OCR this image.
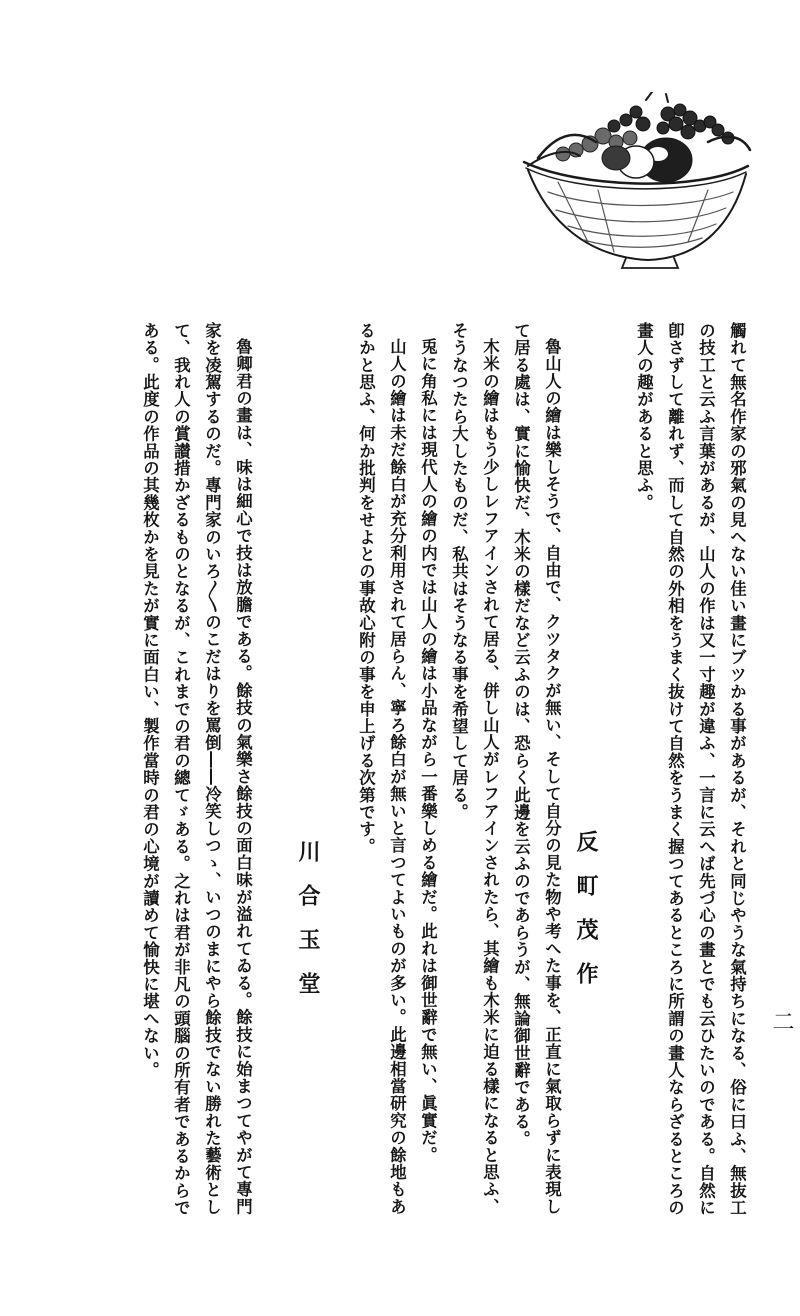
二
觸れて無名作家の邪氣の見へない佳い畫にブツかる事があるが、それと同じやうな氣持ちになる、俗に曰ふ、無抜工
の技工と云ふ言葉があるが、山人の作は又一寸趣が違ふ、一言に云へば先づ心の畫とでも云ひたいのである。自然に
卽さずして離れず、而して自然の外相をうまく抜けて自然をうまく握つてあるところに所謂の畫人ならざるところの
畫人の趣があると思ふ。
反町茂作
魯山人の繪は樂しそうで、自由で、クツタクが無い、そして自分の見た物や考へた事を、正直に氣取らずに表現し
て居る處は、實に愉快だ、木米の樣だなど云ふのは、恐らく此邊を云ふのであらうが、無論御世辭である。
木米の繪はもう少しレフアインされて居る、併し山人がレフアインされたら、其繪も木米に迫る樣になると思ふ、
そうなつたら大したものだ、私共はそうなる事を希望して居る。
兎に角私には現代人の繪の内では山人の繪は小品ながら一番樂しめる繪だ。此れは御世辭で無い、眞實だ。
山人の繪は未だ餘白が充分利用されて居らん、寧ろ餘白が無いと言つてよいものが多い。此邊相當研究の餘地もあ
るかと思ふ、何か批判をせよとの事故心附の事を申上げる次第です。
川合玉堂
魯卿君の畫は、味は細心で技は放膽である。餘技の氣樂さ餘技の面白味が溢れてゐる。餘技に始まつてやがて專門
家を凌駕するのだ。專門家のいろ〳〵のこだはりを罵倒――冷笑しつゝ、いつのまにやら餘技でない勝れた藝術とし
て、我れ人の賞讃措かざるものとなるが、これまでの君の總てゞある。之れは君が非凡の頭腦の所有者であるからで
ある。此度の作品の其幾枚かを見たが實に面白い、製作當時の君の心境が讀めて愉快に堪へない。
